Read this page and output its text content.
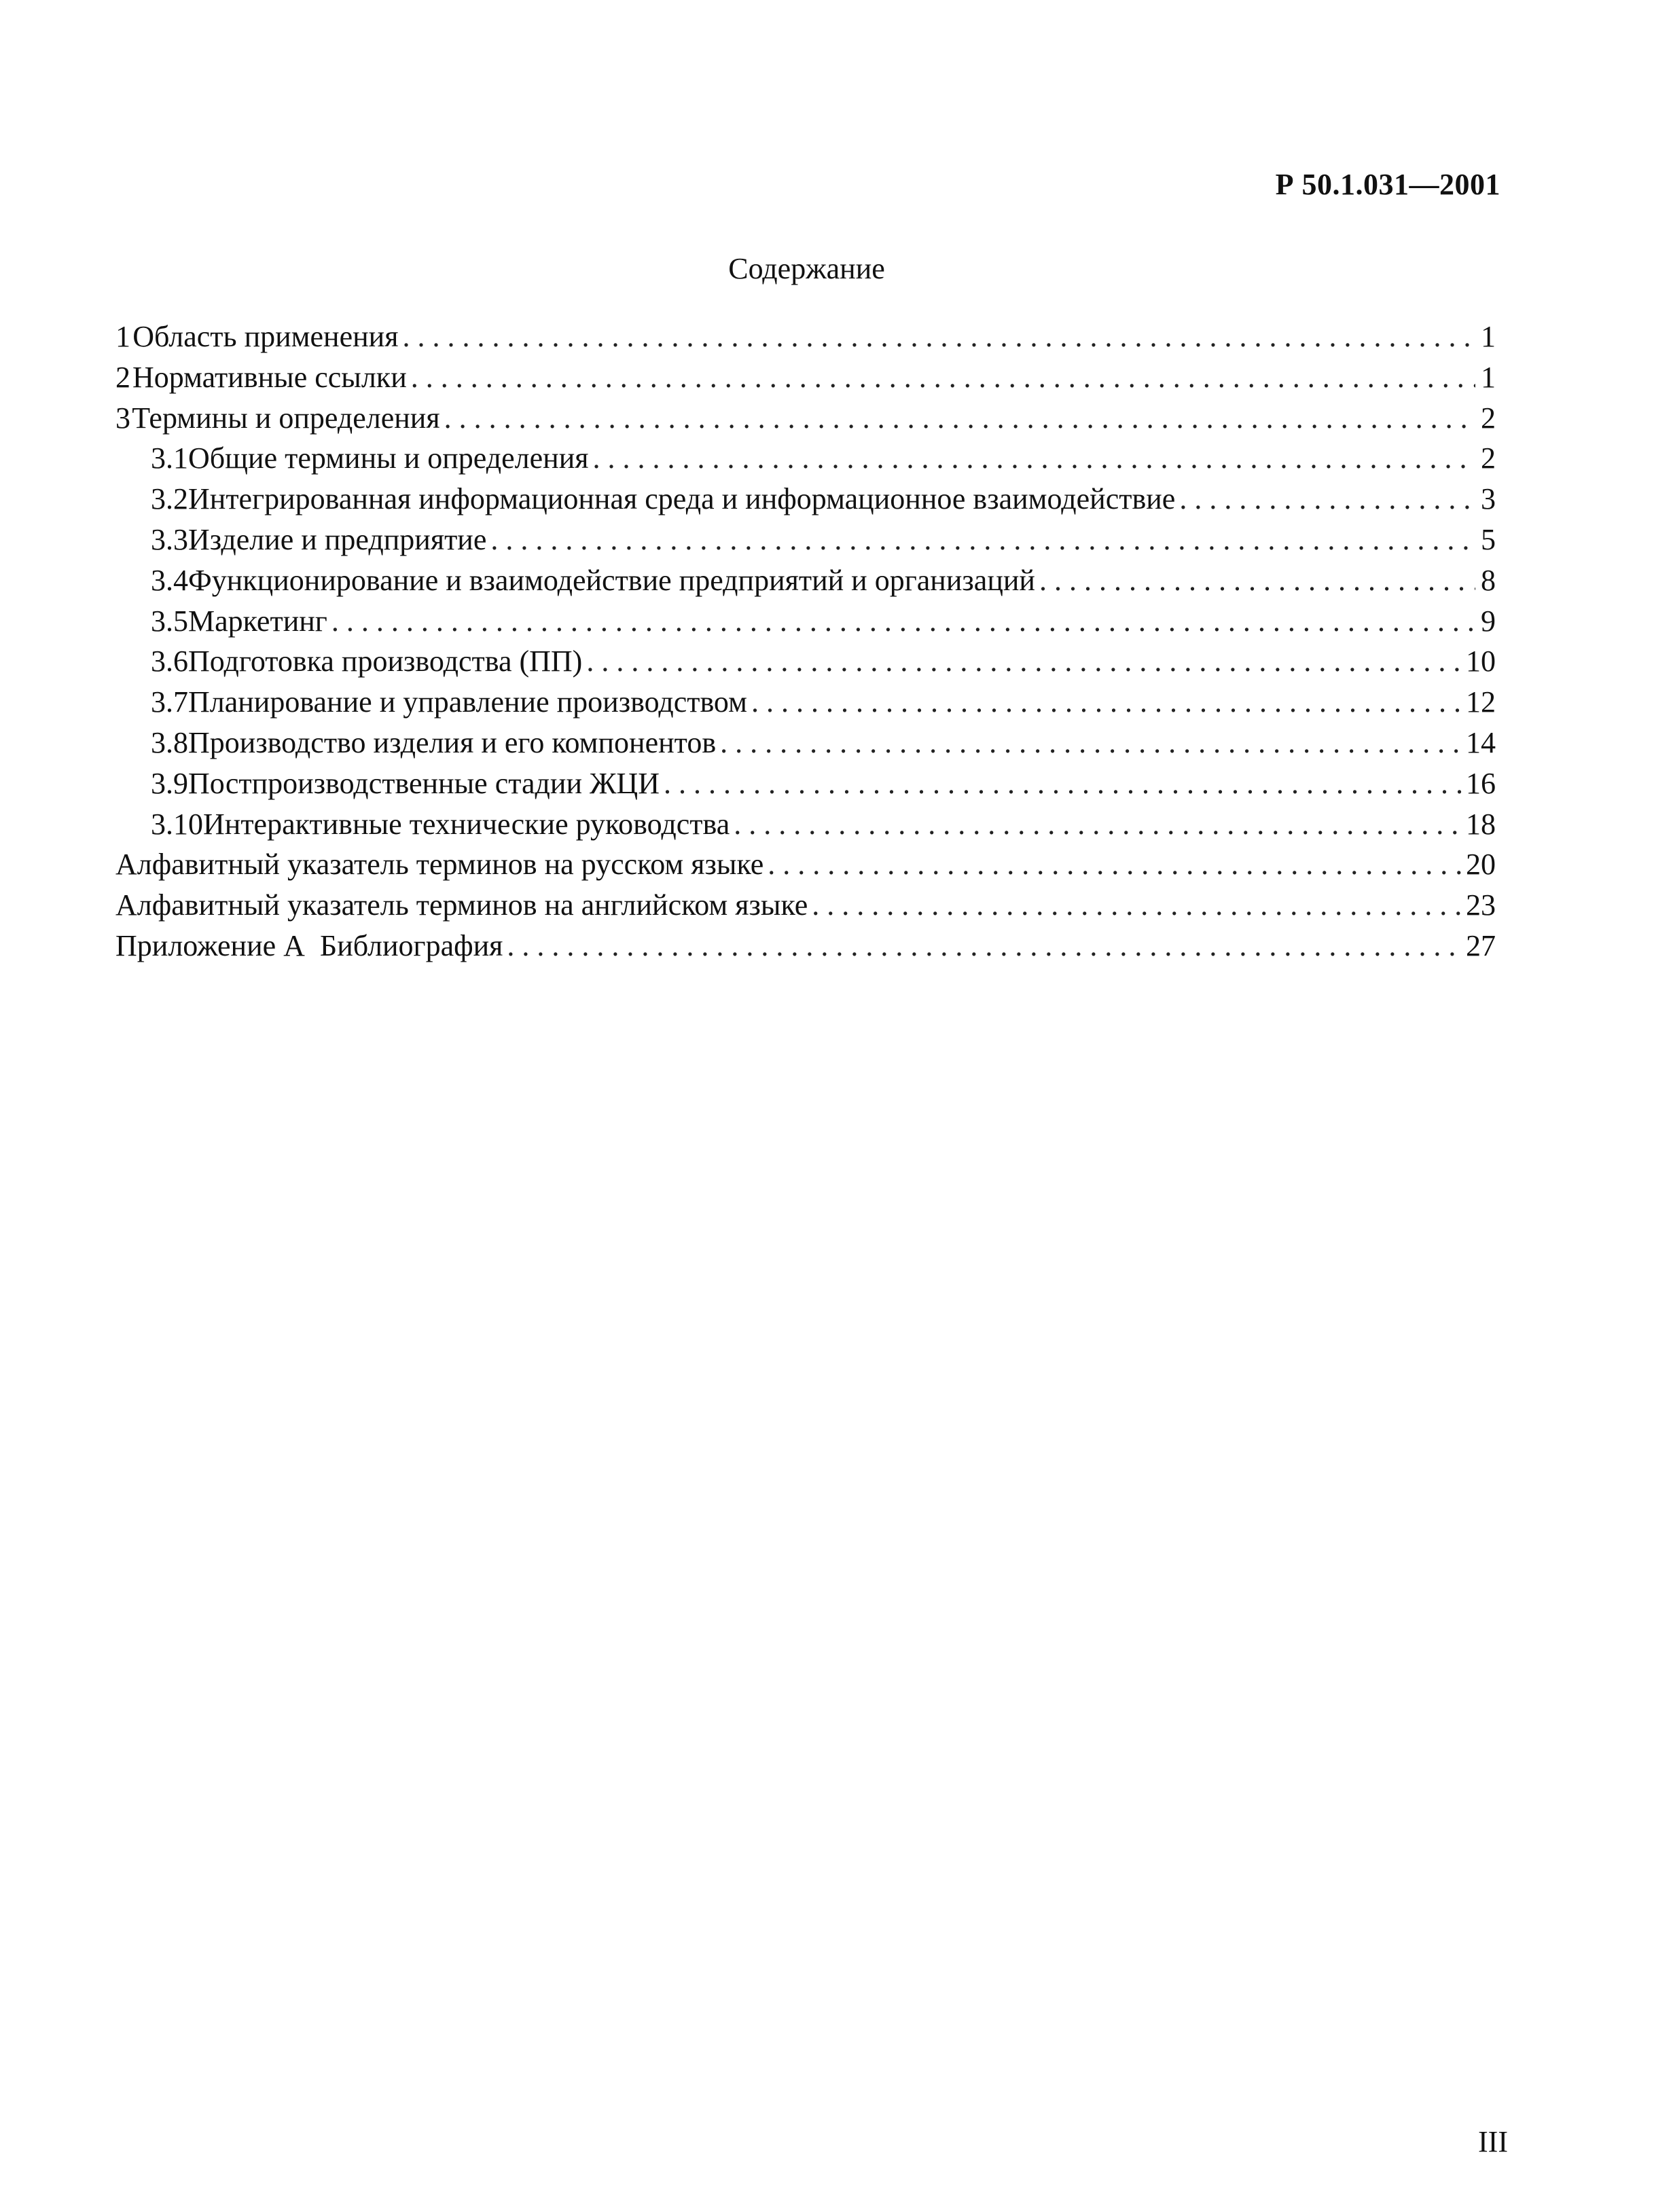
Р 50.1.031—2001
Содержание
1 Область применения . . .	1
2 Нормативные ссылки . . .	1
3 Термины и определения . . .	2
3.1 Общие термины и определения . . .	2
3.2 Интегрированная информационная среда и информационное взаимодействие . . .	3
3.3 Изделие и предприятие . . .	5
3.4 Функционирование и взаимодействие предприятий и организаций . . .	8
3.5 Маркетинг . . .	9
3.6 Подготовка производства (ПП) . . .	10
3.7 Планирование и управление производством . . .	12
3.8 Производство изделия и его компонентов . . .	14
3.9 Постпроизводственные стадии ЖЦИ . . .	16
3.10 Интерактивные технические руководства . . .	18
Алфавитный указатель терминов на русском языке . . .	20
Алфавитный указатель терминов на английском языке . . .	23
Приложение А  Библиография . . .	27
III
